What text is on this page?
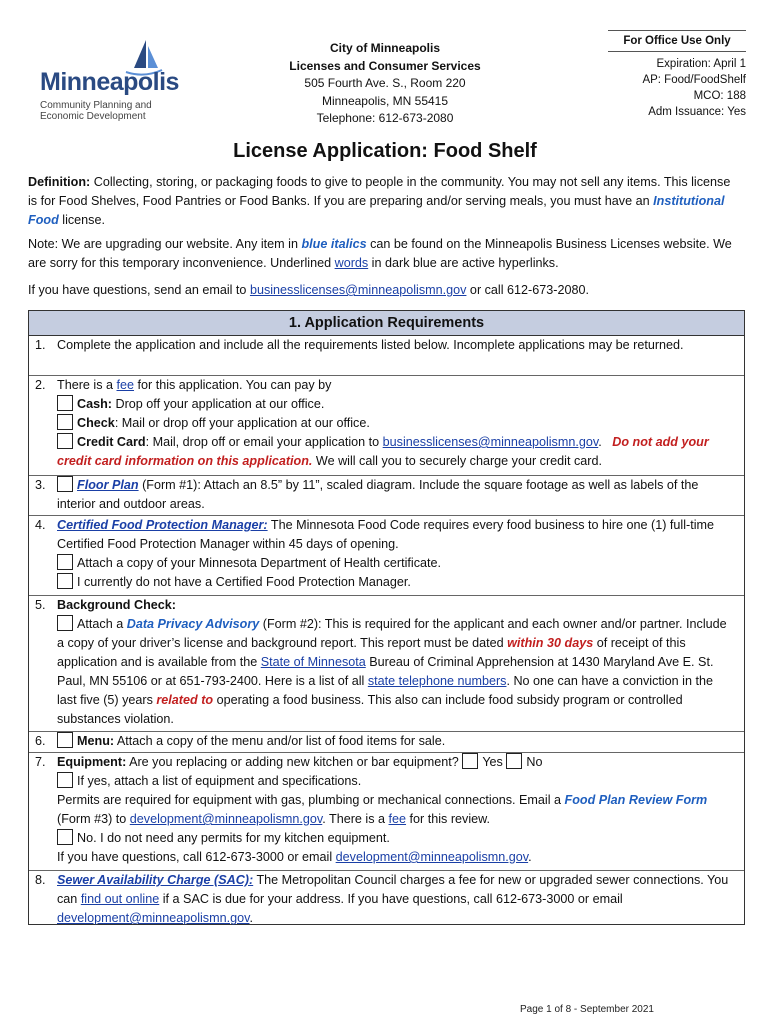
Minneapolis
Community Planning and
Economic Development
City of Minneapolis
Licenses and Consumer Services
505 Fourth Ave. S., Room 220
Minneapolis, MN 55415
Telephone: 612-673-2080
For Office Use Only
Expiration: April 1
AP: Food/FoodShelf
MCO: 188
Adm Issuance: Yes
License Application: Food Shelf
Definition: Collecting, storing, or packaging foods to give to people in the community. You may not sell any items. This license is for Food Shelves, Food Pantries or Food Banks. If you are preparing and/or serving meals, you must have an Institutional Food license.
Note: We are upgrading our website. Any item in blue italics can be found on the Minneapolis Business Licenses website. We are sorry for this temporary inconvenience. Underlined words in dark blue are active hyperlinks.
If you have questions, send an email to businesslicenses@minneapolismn.gov or call 612-673-2080.
1. Application Requirements
1. Complete the application and include all the requirements listed below. Incomplete applications may be returned.
2. There is a fee for this application. You can pay by
Cash: Drop off your application at our office.
Check: Mail or drop off your application at our office.
Credit Card: Mail, drop off or email your application to businesslicenses@minneapolismn.gov.   Do not add your credit card information on this application. We will call you to securely charge your credit card.
3. Floor Plan (Form #1): Attach an 8.5” by 11”, scaled diagram. Include the square footage as well as labels of the interior and outdoor areas.
4. Certified Food Protection Manager: The Minnesota Food Code requires every food business to hire one (1) full-time Certified Food Protection Manager within 45 days of opening.
Attach a copy of your Minnesota Department of Health certificate.
I currently do not have a Certified Food Protection Manager.
5. Background Check:
Attach a Data Privacy Advisory (Form #2): This is required for the applicant and each owner and/or partner. Include a copy of your driver’s license and background report. This report must be dated within 30 days of receipt of this application and is available from the State of Minnesota Bureau of Criminal Apprehension at 1430 Maryland Ave E. St. Paul, MN 55106 or at 651-793-2400. Here is a list of all state telephone numbers. No one can have a conviction in the last five (5) years related to operating a food business. This also can include food subsidy program or controlled substances violation.
6. Menu: Attach a copy of the menu and/or list of food items for sale.
7. Equipment: Are you replacing or adding new kitchen or bar equipment? Yes No
If yes, attach a list of equipment and specifications.
Permits are required for equipment with gas, plumbing or mechanical connections. Email a Food Plan Review Form (Form #3) to development@minneapolismn.gov. There is a fee for this review.
No. I do not need any permits for my kitchen equipment.
If you have questions, call 612-673-3000 or email development@minneapolismn.gov.
8. Sewer Availability Charge (SAC): The Metropolitan Council charges a fee for new or upgraded sewer connections. You can find out online if a SAC is due for your address. If you have questions, call 612-673-3000 or email development@minneapolismn.gov.
Page 1 of 8 - September 2021
